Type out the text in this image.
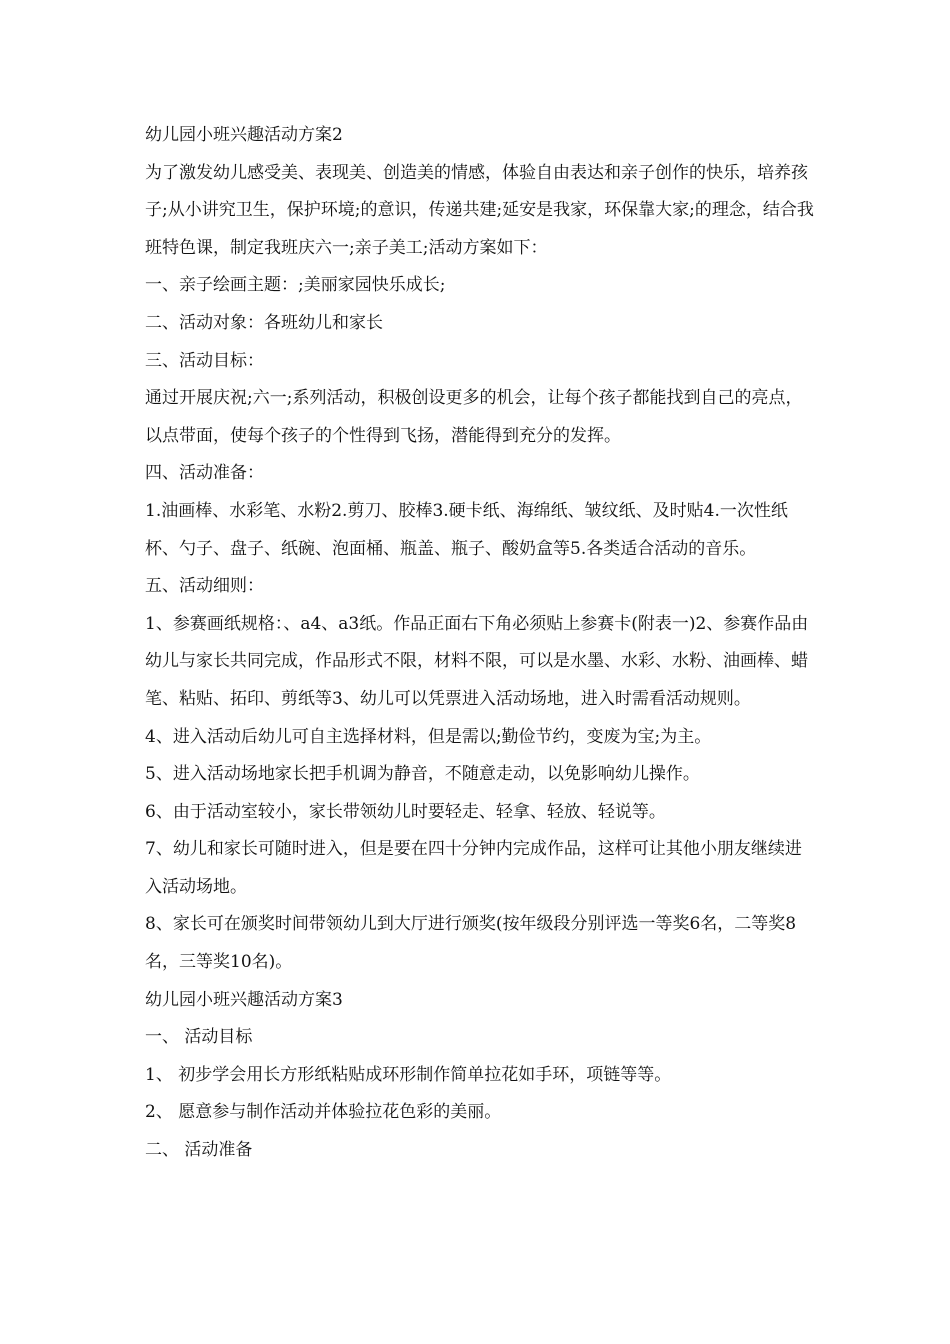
幼儿园小班兴趣活动方案2

为了激发幼儿感受美、表现美、创造美的情感，体验自由表达和亲子创作的快乐，培养孩子;从小讲究卫生，保护环境;的意识，传递共建;延安是我家，环保靠大家;的理念，结合我班特色课，制定我班庆六一;亲子美工;活动方案如下：

一、亲子绘画主题：;美丽家园快乐成长;

二、活动对象：各班幼儿和家长

三、活动目标：

通过开展庆祝;六一;系列活动，积极创设更多的机会，让每个孩子都能找到自己的亮点，以点带面，使每个孩子的个性得到飞扬，潜能得到充分的发挥。

四、活动准备：

1.油画棒、水彩笔、水粉2.剪刀、胶棒3.硬卡纸、海绵纸、皱纹纸、及时贴4.一次性纸杯、勺子、盘子、纸碗、泡面桶、瓶盖、瓶子、酸奶盒等5.各类适合活动的音乐。

五、活动细则：

1、参赛画纸规格：、a4、a3纸。作品正面右下角必须贴上参赛卡(附表一)2、参赛作品由幼儿与家长共同完成，作品形式不限，材料不限，可以是水墨、水彩、水粉、油画棒、蜡笔、粘贴、拓印、剪纸等3、幼儿可以凭票进入活动场地，进入时需看活动规则。

4、进入活动后幼儿可自主选择材料，但是需以;勤俭节约，变废为宝;为主。

5、进入活动场地家长把手机调为静音，不随意走动，以免影响幼儿操作。

6、由于活动室较小，家长带领幼儿时要轻走、轻拿、轻放、轻说等。

7、幼儿和家长可随时进入，但是要在四十分钟内完成作品，这样可让其他小朋友继续进入活动场地。

8、家长可在颁奖时间带领幼儿到大厅进行颁奖(按年级段分别评选一等奖6名，二等奖8名，三等奖10名)。

幼儿园小班兴趣活动方案3

一、 活动目标

1、 初步学会用长方形纸粘贴成环形制作简单拉花如手环，项链等等。

2、 愿意参与制作活动并体验拉花色彩的美丽。

二、 活动准备
